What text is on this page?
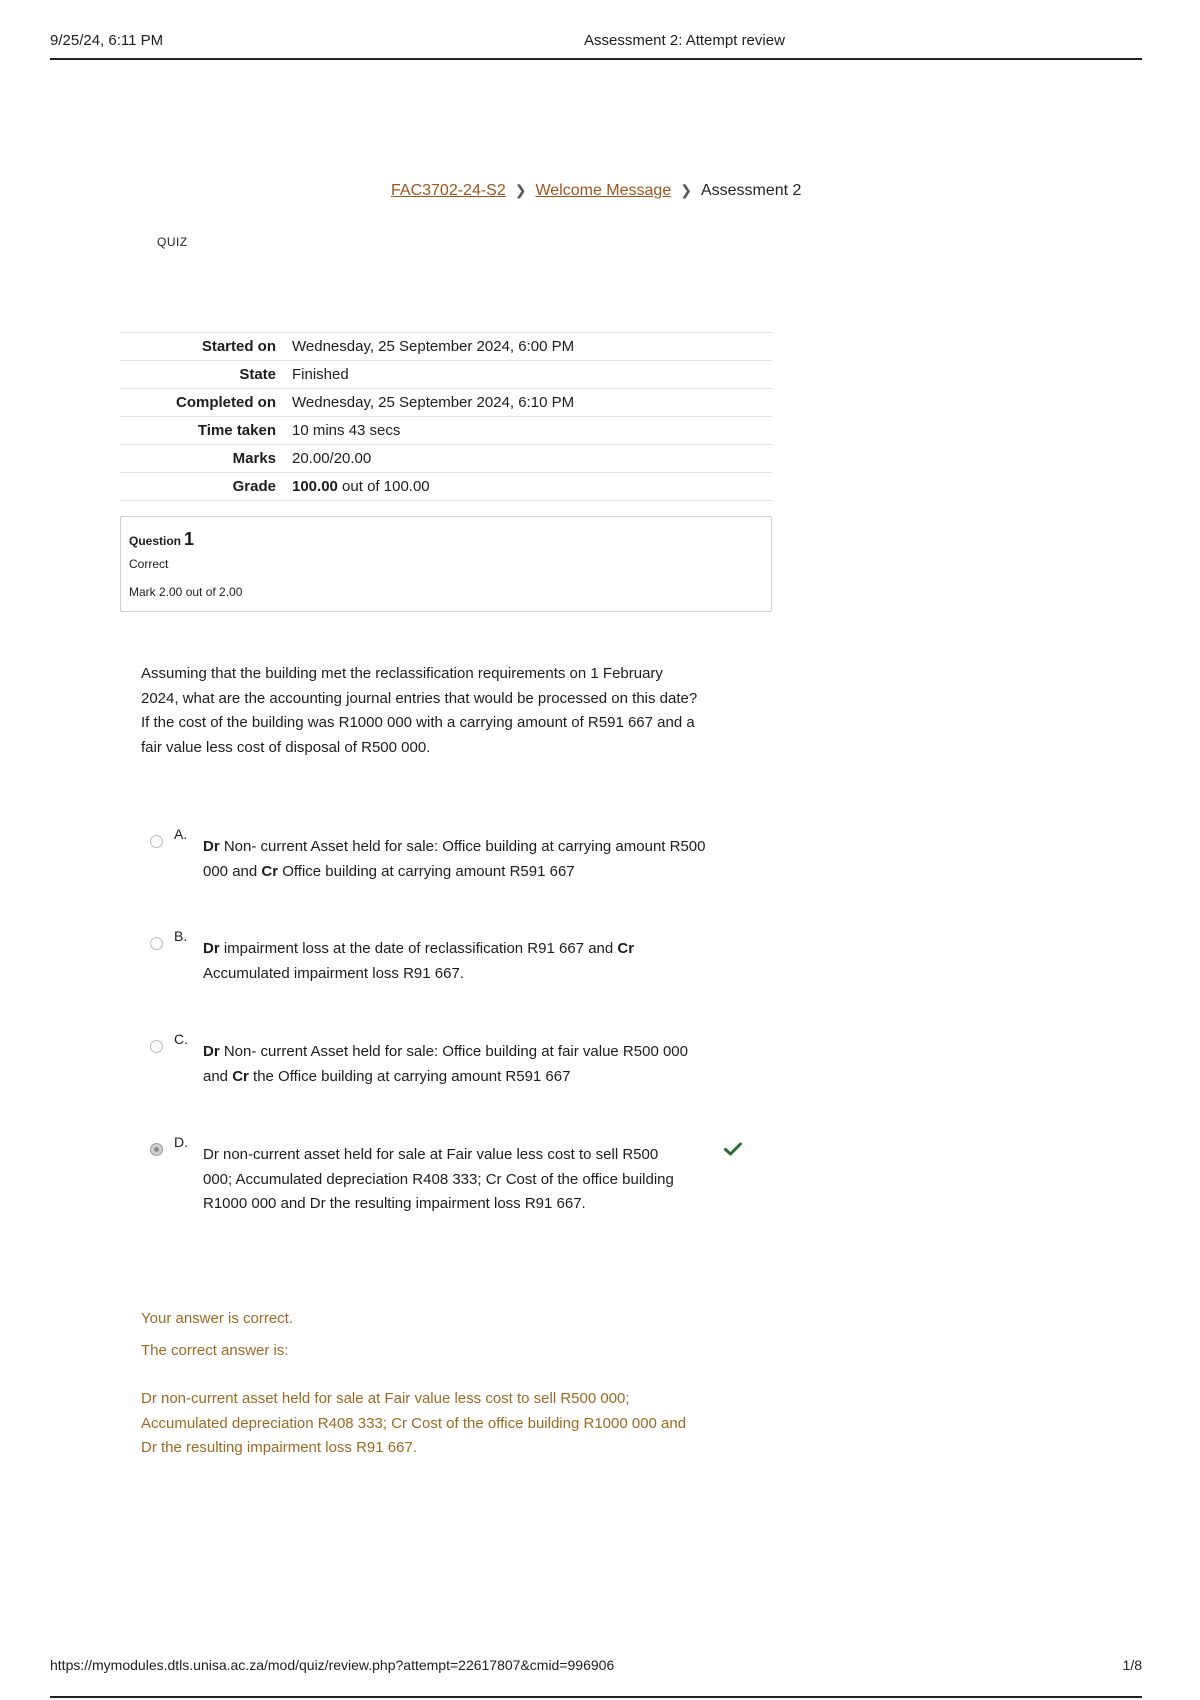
9/25/24, 6:11 PM	Assessment 2: Attempt review
FAC3702-24-S2 ❯ Welcome Message ❯ Assessment 2
QUIZ
Started on	Wednesday, 25 September 2024, 6:00 PM
State	Finished
Completed on	Wednesday, 25 September 2024, 6:10 PM
Time taken	10 mins 43 secs
Marks	20.00/20.00
Grade	100.00 out of 100.00
Question 1
Correct
Mark 2.00 out of 2.00
Assuming that the building met the reclassification requirements on 1 February
2024, what are the accounting journal entries that would be processed on this date?
If the cost of the building was R1000 000 with a carrying amount of R591 667 and a
fair value less cost of disposal of R500 000.
A.
Dr Non- current Asset held for sale: Office building at carrying amount R500
000 and Cr Office building at carrying amount R591 667
B.
Dr impairment loss at the date of reclassification R91 667 and Cr
Accumulated impairment loss R91 667.
C.
Dr Non- current Asset held for sale: Office building at fair value R500 000
and Cr the Office building at carrying amount R591 667
D.
Dr non-current asset held for sale at Fair value less cost to sell R500
000; Accumulated depreciation R408 333; Cr Cost of the office building
R1000 000 and Dr the resulting impairment loss R91 667.
Your answer is correct.
The correct answer is:
Dr non-current asset held for sale at Fair value less cost to sell R500 000;
Accumulated depreciation R408 333; Cr Cost of the office building R1000 000 and
Dr the resulting impairment loss R91 667.
https://mymodules.dtls.unisa.ac.za/mod/quiz/review.php?attempt=22617807&cmid=996906	1/8
